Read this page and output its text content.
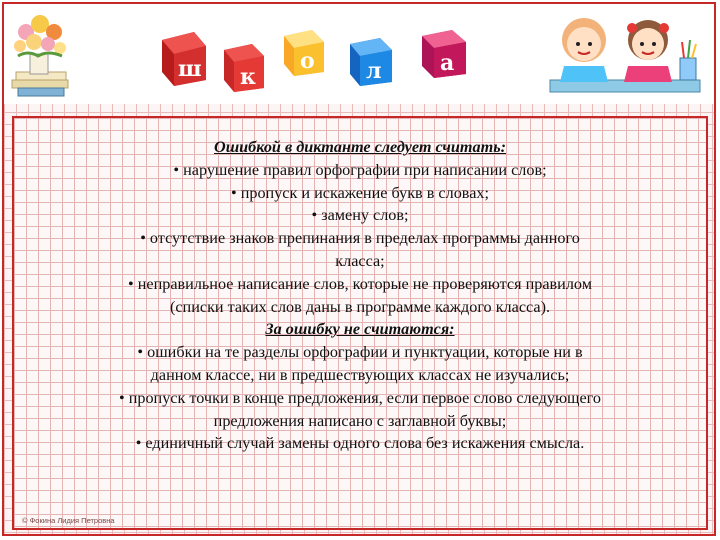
ш к
о л	а
Ошибкой в диктанте следует считать:
• нарушение правил орфографии при написании слов;
• пропуск и искажение букв в словах;
• замену слов;
• отсутствие знаков препинания в пределах программы данного
класса;
• неправильное написание слов, которые не проверяются правилом
(списки таких слов даны в программе каждого класса).
За ошибку не считаются:
• ошибки на те разделы орфографии и пунктуации, которые ни в
данном классе, ни в предшествующих классах не изучались;
• пропуск точки в конце предложения, если первое слово следующего
предложения написано с заглавной буквы;
• единичный случай замены одного слова без искажения смысла.
© Фокина Лидия Петровна
